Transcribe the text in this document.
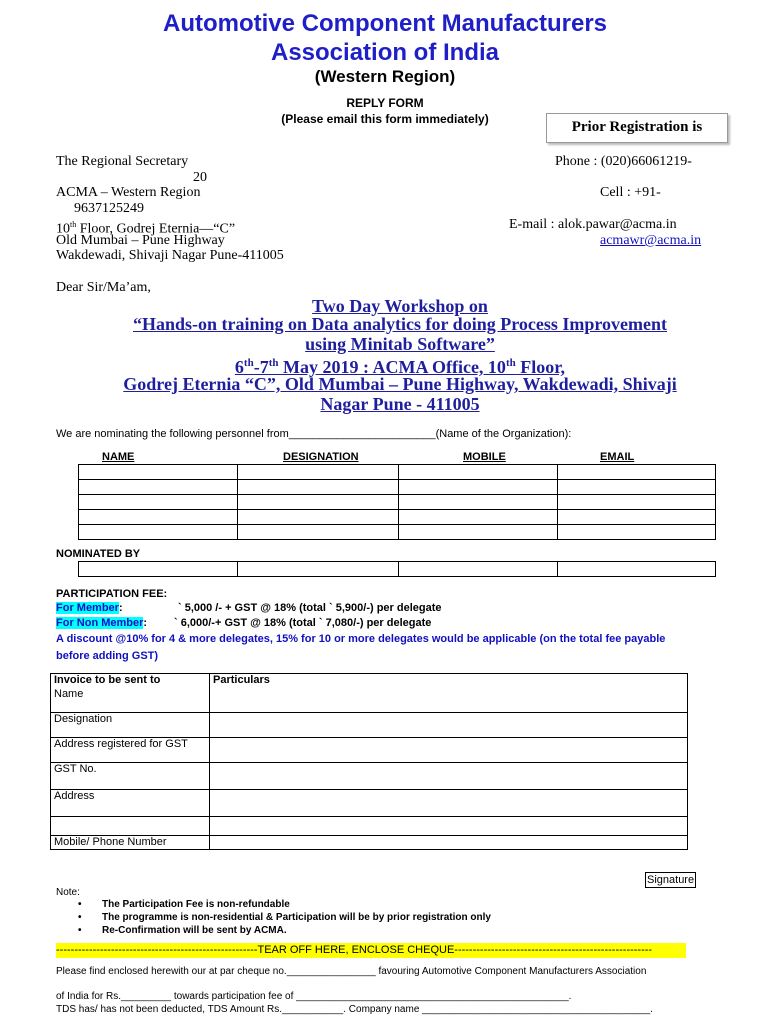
Automotive Component Manufacturers
Association of India
(Western Region)
REPLY FORM
(Please email this form immediately)	Prior Registration is
The Regional Secretary
20
ACMA – Western Region
9637125249
10th Floor, Godrej Eternia—“C”
Old Mumbai – Pune Highway
Wakdewadi, Shivaji Nagar Pune-411005
Phone : (020)66061219-
Cell : +91-
E-mail : alok.pawar@acma.in
acmawr@acma.in
Dear Sir/Ma’am,
Two Day Workshop on
“Hands-on training on Data analytics for doing Process Improvement
using Minitab Software”
6th-7th May 2019 : ACMA Office, 10th Floor,
Godrej Eternia “C”, Old Mumbai – Pune Highway, Wakdewadi, Shivaji
Nagar Pune - 411005
We are nominating the following personnel from________________________(Name of the Organization):
NAME	DESIGNATION	MOBILE	EMAIL

NOMINATED BY

PARTICIPATION FEE:
For Member:	` 5,000 /- + GST @ 18% (total ` 5,900/-) per delegate
For Non Member: ` 6,000/-+ GST @ 18% (total ` 7,080/-) per delegate
A discount @10% for 4 & more delegates, 15% for 10 or more delegates would be applicable (on the total fee payable
before adding GST)
Invoice to be sent to	Particulars
Name	
Designation	
Address registered for GST	
GST No.	
Address	

Mobile/ Phone Number	
Signature
Note:
• The Participation Fee is non-refundable
• The programme is non-residential & Participation will be by prior registration only
• Re-Confirmation will be sent by ACMA.
-------------------------------------------------------TEAR OFF HERE, ENCLOSE CHEQUE------------------------------------------------------
Please find enclosed herewith our at par cheque no.________________ favouring Automotive Component Manufacturers Association
of India for Rs._________ towards participation fee of _________________________________________________.
TDS has/ has not been deducted, TDS Amount Rs.___________. Company name _________________________________________.
